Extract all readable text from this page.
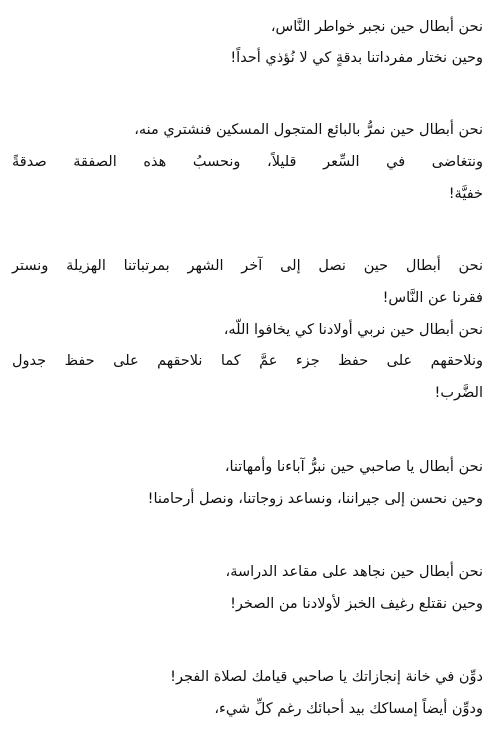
نحن أبطال حين نجبر خواطر النَّاس،
وحين نختار مفرداتنا بدقةٍ كي لا نُؤذي أحداً!
نحن أبطال حين نمرُّ بالبائع المتجول المسكين فنشتري منه،
ونتغاضى في السِّعر قليلاً، ونحسبُ هذه الصفقة صدقةً
خفيَّة!
نحن أبطال حين نصل إلى آخر الشهر بمرتباتنا الهزيلة ونستر
فقرنا عن النَّاس!
نحن أبطال حين نربي أولادنا كي يخافوا اللّه،
ونلاحقهم على حفظ جزء عمَّ كما نلاحقهم على حفظ جدول
الضَّرب!
نحن أبطال يا صاحبي حين نبرُّ آباءنا وأمهاتنا،
وحين نحسن إلى جيراننا، ونساعد زوجاتنا، ونصل أرحامنا!
نحن أبطال حين نجاهد على مقاعد الدراسة،
وحين نقتلع رغيف الخبز لأولادنا من الصخر!
دوِّن في خانة إنجازاتك يا صاحبي قيامك لصلاة الفجر!
ودوِّن أيضاً إمساكك بيد أحبائك رغم كلِّ شيء،
